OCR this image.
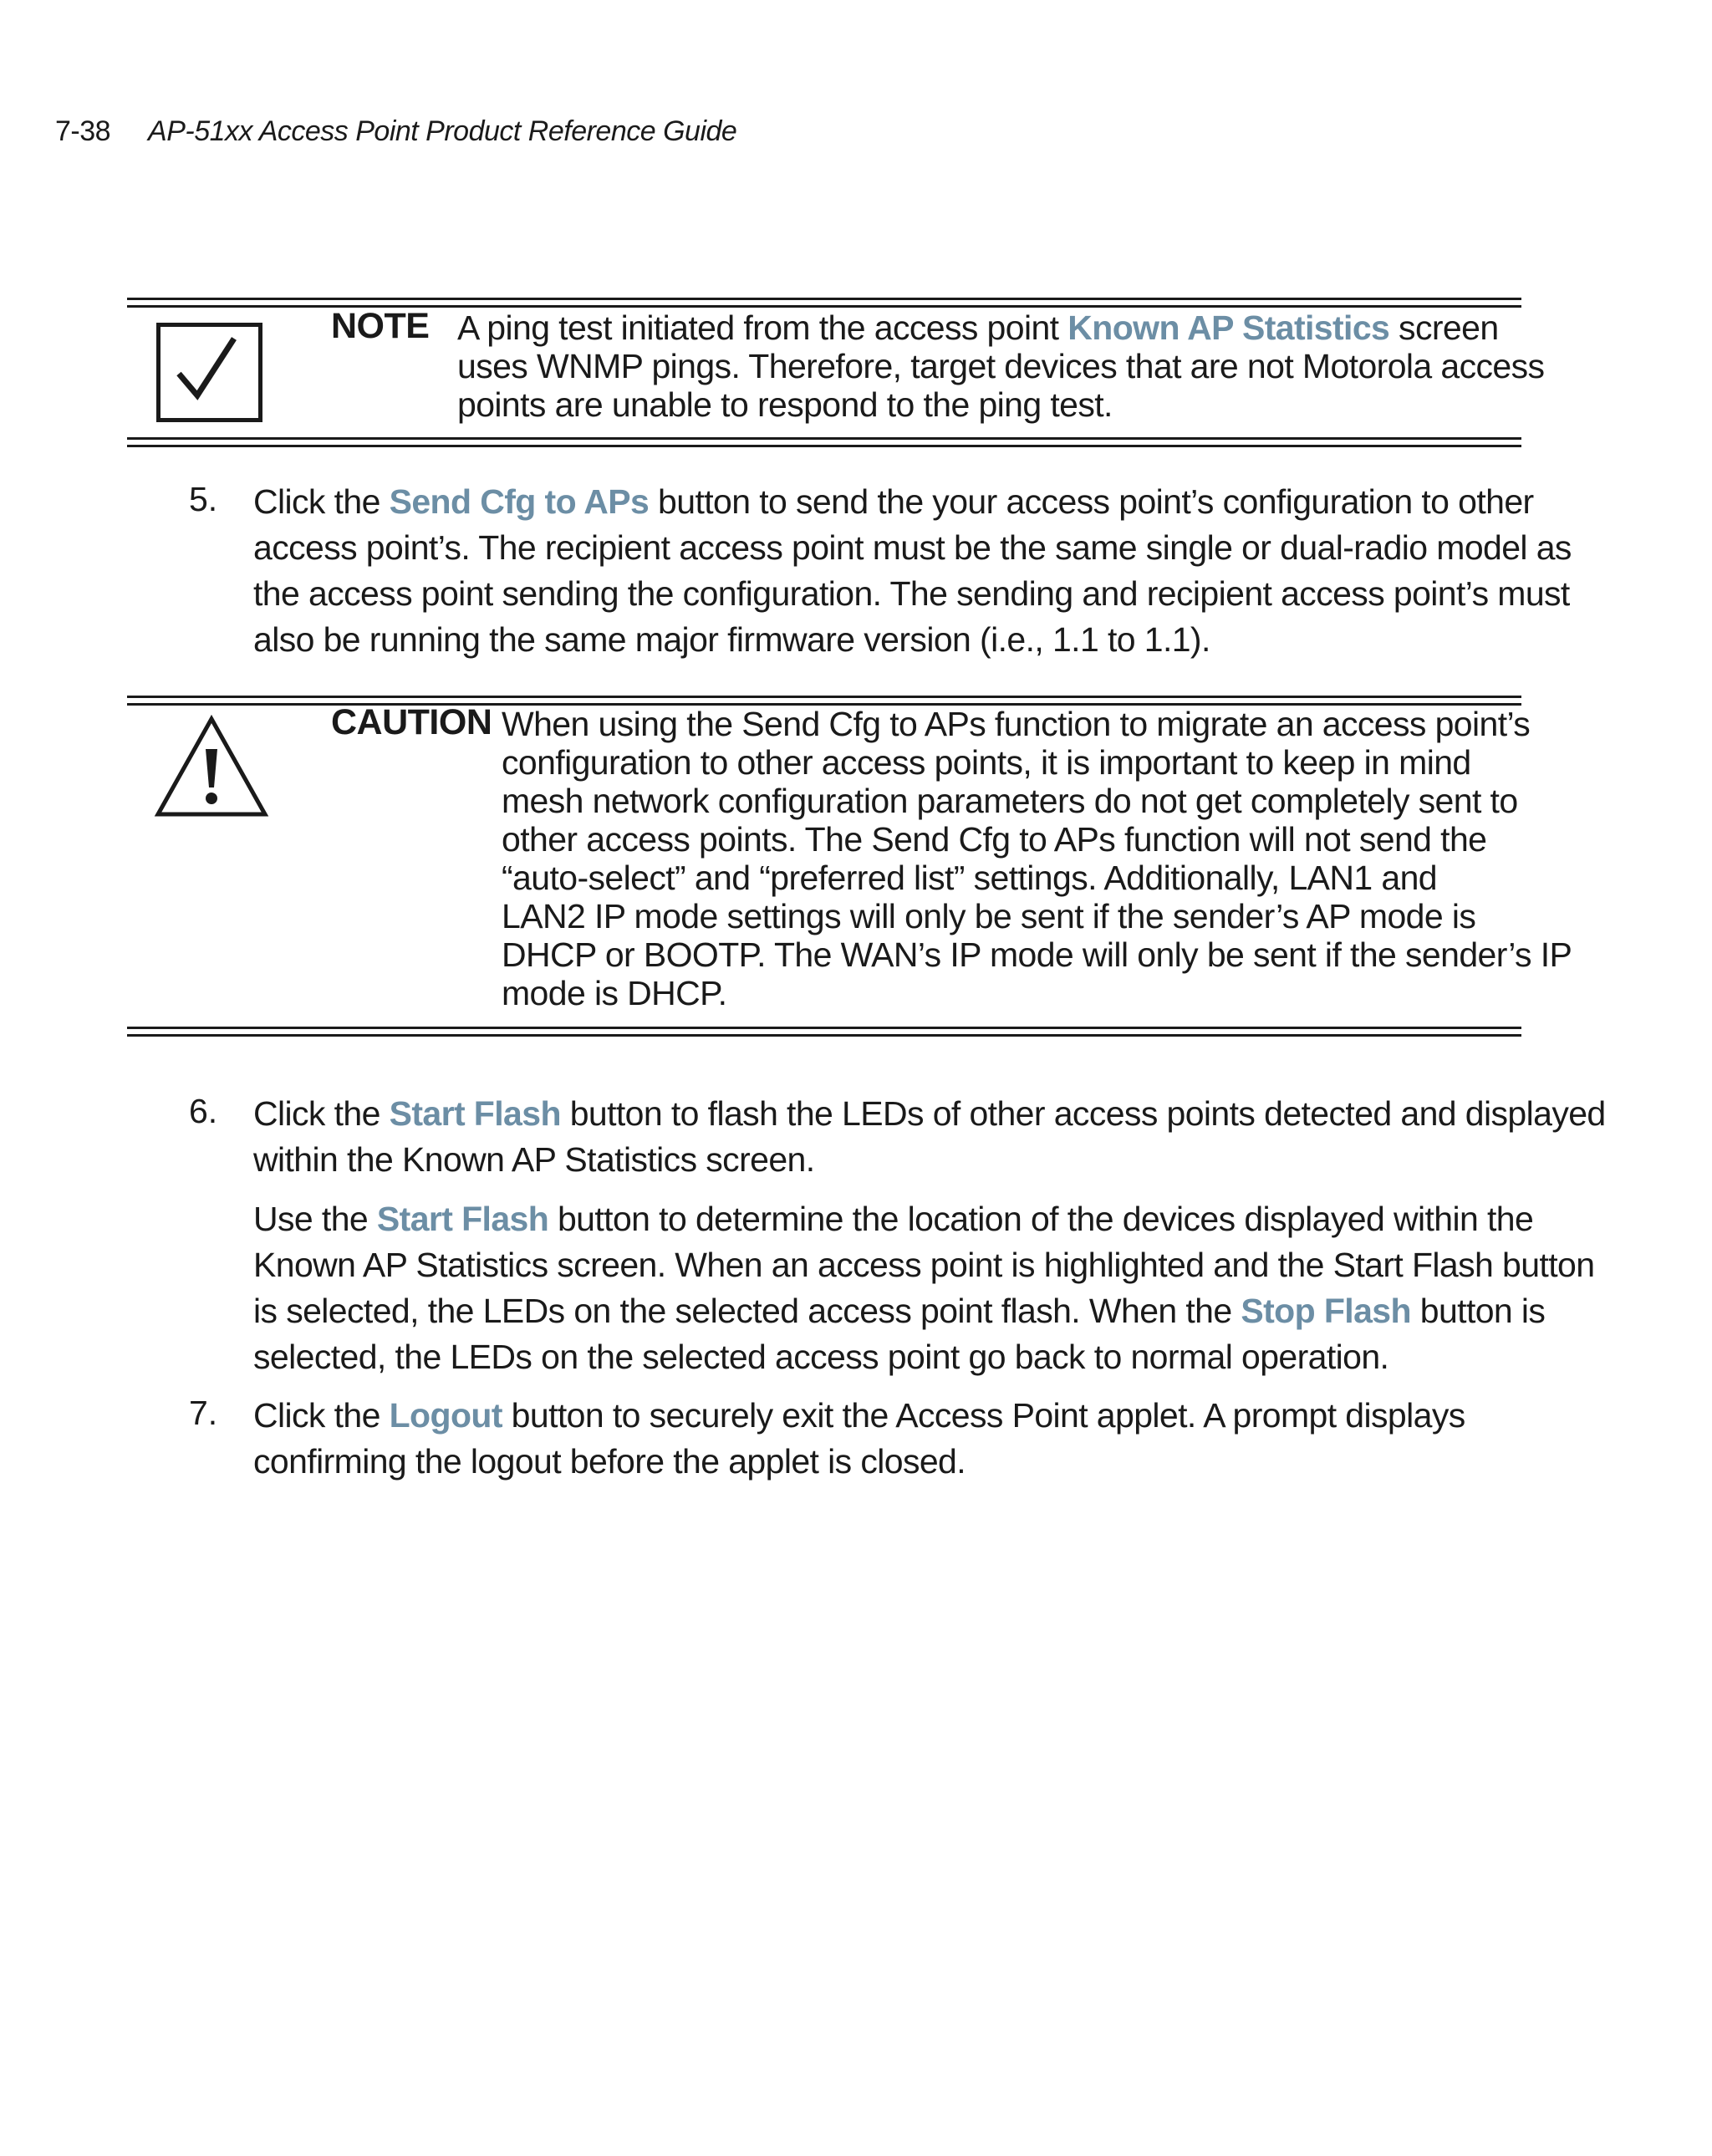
7-38 AP-51xx Access Point Product Reference Guide
NOTE A ping test initiated from the access point Known AP Statistics screen
uses WNMP pings. Therefore, target devices that are not Motorola access
points are unable to respond to the ping test.
5. Click the Send Cfg to APs button to send the your access point’s configuration to other
access point’s. The recipient access point must be the same single or dual-radio model as
the access point sending the configuration. The sending and recipient access point’s must
also be running the same major firmware version (i.e., 1.1 to 1.1).
CAUTION When using the Send Cfg to APs function to migrate an access point’s
configuration to other access points, it is important to keep in mind
mesh network configuration parameters do not get completely sent to
other access points. The Send Cfg to APs function will not send the
“auto-select” and “preferred list” settings. Additionally, LAN1 and
LAN2 IP mode settings will only be sent if the sender’s AP mode is
DHCP or BOOTP. The WAN’s IP mode will only be sent if the sender’s IP
mode is DHCP.
6. Click the Start Flash button to flash the LEDs of other access points detected and displayed
within the Known AP Statistics screen.
Use the Start Flash button to determine the location of the devices displayed within the
Known AP Statistics screen. When an access point is highlighted and the Start Flash button
is selected, the LEDs on the selected access point flash. When the Stop Flash button is
selected, the LEDs on the selected access point go back to normal operation.
7. Click the Logout button to securely exit the Access Point applet. A prompt displays
confirming the logout before the applet is closed.
